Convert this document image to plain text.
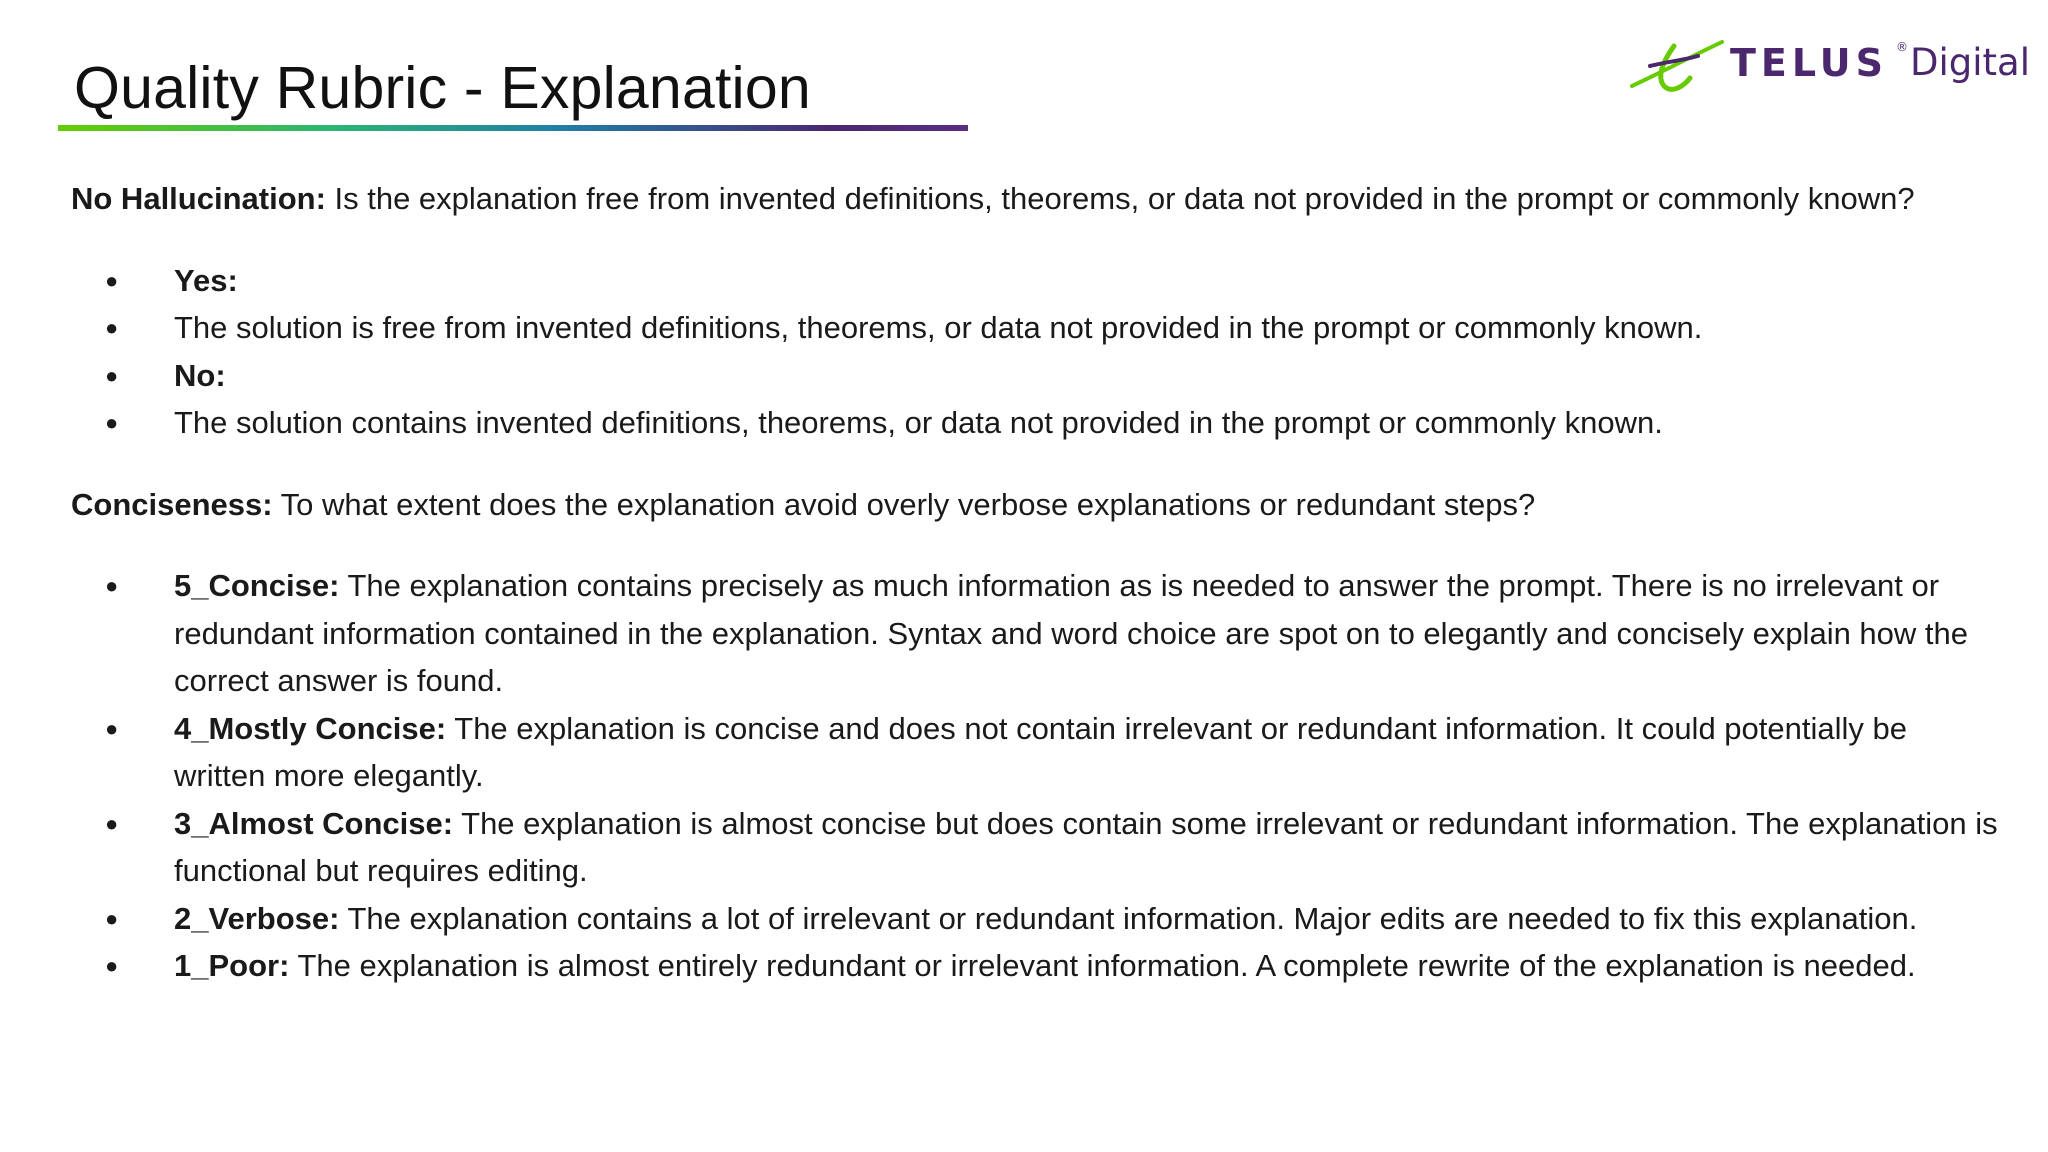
Quality Rubric - Explanation	TELUS ® Digital

No Hallucination: Is the explanation free from invented definitions, theorems, or data not provided in the prompt or commonly known?

● Yes:
● The solution is free from invented definitions, theorems, or data not provided in the prompt or commonly known.
● No:
● The solution contains invented definitions, theorems, or data not provided in the prompt or commonly known.

Conciseness: To what extent does the explanation avoid overly verbose explanations or redundant steps?

● 5_Concise: The explanation contains precisely as much information as is needed to answer the prompt. There is no irrelevant or redundant information contained in the explanation. Syntax and word choice are spot on to elegantly and concisely explain how the correct answer is found.
● 4_Mostly Concise: The explanation is concise and does not contain irrelevant or redundant information. It could potentially be written more elegantly.
● 3_Almost Concise: The explanation is almost concise but does contain some irrelevant or redundant information. The explanation is functional but requires editing.
● 2_Verbose: The explanation contains a lot of irrelevant or redundant information. Major edits are needed to fix this explanation.
● 1_Poor: The explanation is almost entirely redundant or irrelevant information. A complete rewrite of the explanation is needed.
